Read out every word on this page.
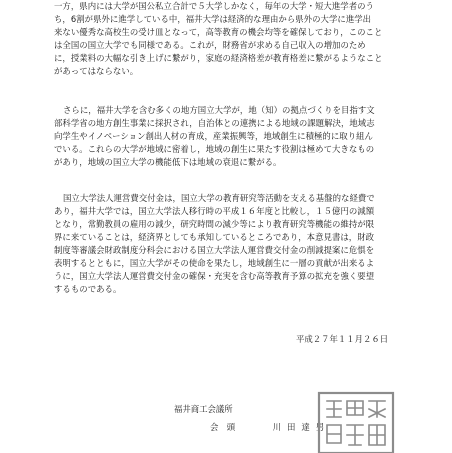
一方，県内には大学が国公私立合計で５大学しかなく，毎年の大学・短大進学者のう
ち，6割が県外に進学している中，福井大学は経済的な理由から県外の大学に進学出
来ない優秀な高校生の受け皿となって，高等教育の機会均等を確保しており，このこと
は全国の国立大学でも同様である。これが，財務省が求める自己収入の増加のため
に，授業料の大幅な引き上げに繋がり，家庭の経済格差が教育格差に繋がるようなこと
があってはならない。
さらに，福井大学を含む多くの地方国立大学が，地（知）の拠点づくりを目指す文
部科学省の地方創生事業に採択され，自治体との連携による地域の課題解決，地域志
向学生やイノベーション創出人材の育成，産業振興等，地域創生に積極的に取り組ん
でいる。これらの大学が地域に密着し，地域の創生に果たす役割は極めて大きなもの
があり，地域の国立大学の機能低下は地域の衰退に繋がる。
国立大学法人運営費交付金は，国立大学の教育研究等活動を支える基盤的な経費で
あり，福井大学では，国立大学法人移行時の平成１６年度と比較し，１５億円の減額
となり，常勤教員の雇用の減少，研究時間の減少等により教育研究等機能の維持が限
界に来ていることは，経済界としても承知しているところであり，本意見書は，財政
制度等審議会財政制度分科会における国立大学法人運営費交付金の削減提案に危惧を
表明するとともに，国立大学がその使命を果たし，地域創生に一層の貢献が出来るよ
うに，国立大学法人運営費交付金の確保・充実を含む高等教育予算の拡充を強く要望
するものである。
平成２７年１１月２６日
福井商工会議所
会　頭	川田達男
